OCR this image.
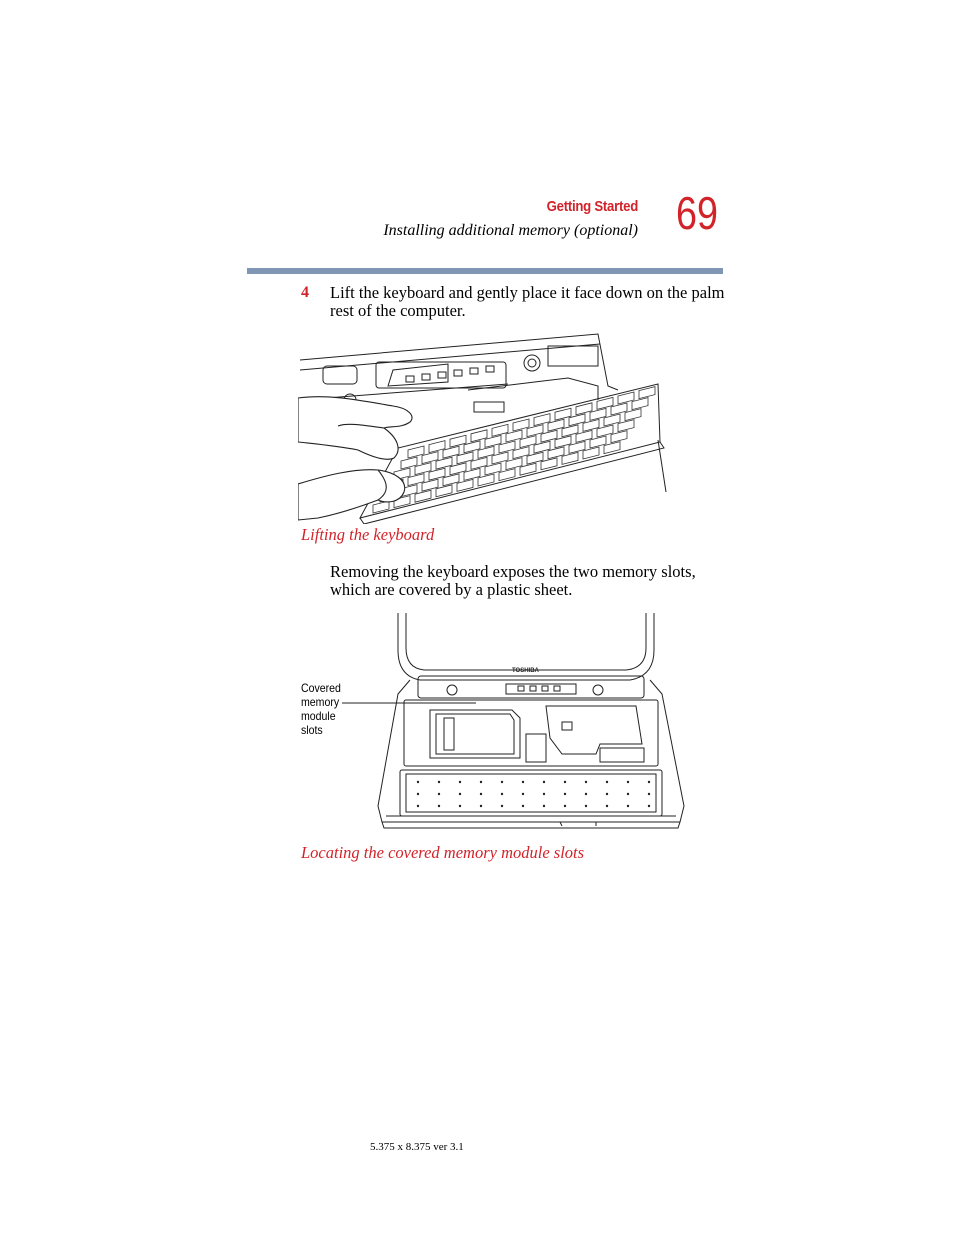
Getting Started
Installing additional memory (optional) 69
4 Lift the keyboard and gently place it face down on the palm rest of the computer.
Lifting the keyboard
Removing the keyboard exposes the two memory slots, which are covered by a plastic sheet.
TOSHIBA
Covered memory module slots
Locating the covered memory module slots
5.375 x 8.375 ver 3.1
